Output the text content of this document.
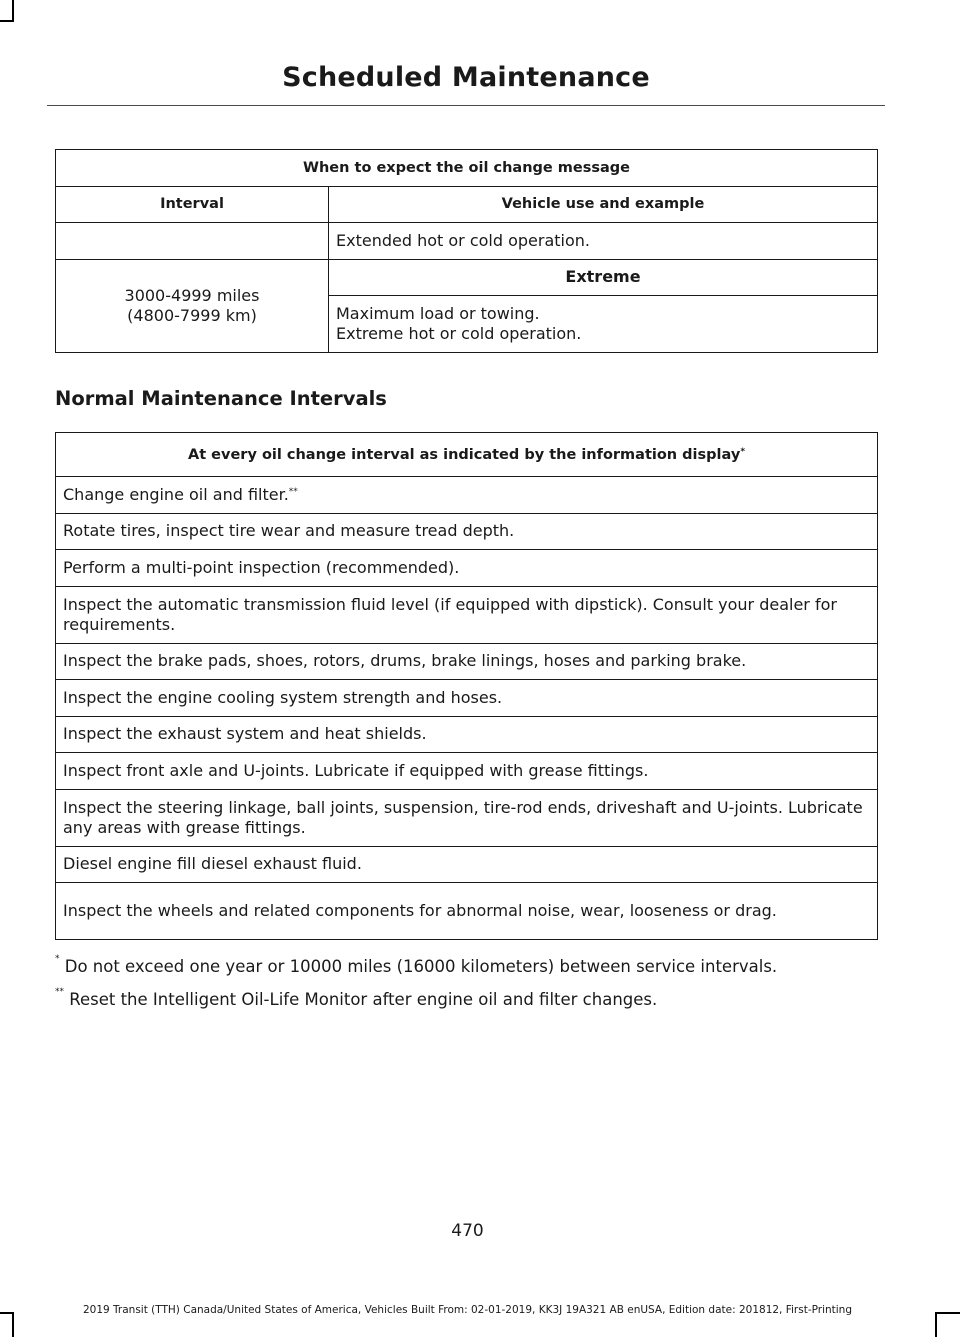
Scheduled Maintenance
When to expect the oil change message	
Interval	Vehicle use and example
	Extended hot or cold operation.

3000-4999 miles
(4800-7999 km)	Extreme

	Maximum load or towing.
Extreme hot or cold operation.
Normal Maintenance Intervals
At every oil change interval as indicated by the information display*
Change engine oil and filter.**
Rotate tires, inspect tire wear and measure tread depth.
Perform a multi-point inspection (recommended).
Inspect the automatic transmission fluid level (if equipped with dipstick). Consult your dealer for requirements.
Inspect the brake pads, shoes, rotors, drums, brake linings, hoses and parking brake.
Inspect the engine cooling system strength and hoses.
Inspect the exhaust system and heat shields.
Inspect front axle and U-joints. Lubricate if equipped with grease fittings.
Inspect the steering linkage, ball joints, suspension, tire-rod ends, driveshaft and U-joints. Lubricate any areas with grease fittings.
Diesel engine fill diesel exhaust fluid.
Inspect the wheels and related components for abnormal noise, wear, looseness or drag.
* Do not exceed one year or 10000 miles (16000 kilometers) between service intervals.
** Reset the Intelligent Oil-Life Monitor after engine oil and filter changes.
470
2019 Transit (TTH) Canada/United States of America, Vehicles Built From: 02-01-2019, KK3J 19A321 AB enUSA, Edition date: 201812, First-Printing
